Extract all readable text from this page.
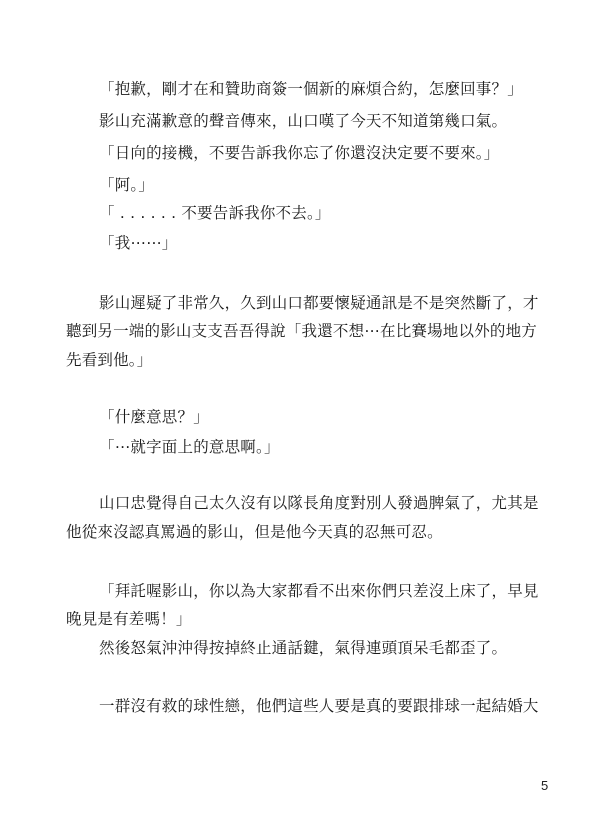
「抱歉，剛才在和贊助商簽一個新的麻煩合約，怎麼回事？」
影山充滿歉意的聲音傳來，山口嘆了今天不知道第幾口氣。
「日向的接機，不要告訴我你忘了你還沒決定要不要來。」
「阿。」
「 . . . . . . 不要告訴我你不去。」
「我⋯⋯」
影山遲疑了非常久，久到山口都要懷疑通訊是不是突然斷了，才
聽到另一端的影山支支吾吾得說「我還不想⋯在比賽場地以外的地方
先看到他。」
「什麼意思？」
「⋯就字面上的意思啊。」
山口忠覺得自己太久沒有以隊長角度對別人發過脾氣了，尤其是
他從來沒認真罵過的影山，但是他今天真的忍無可忍。
「拜託喔影山，你以為大家都看不出來你們只差沒上床了，早見
晚見是有差嗎！」
然後怒氣沖沖得按掉終止通話鍵，氣得連頭頂呆毛都歪了。
一群沒有救的球性戀，他們這些人要是真的要跟排球一起結婚大
5
